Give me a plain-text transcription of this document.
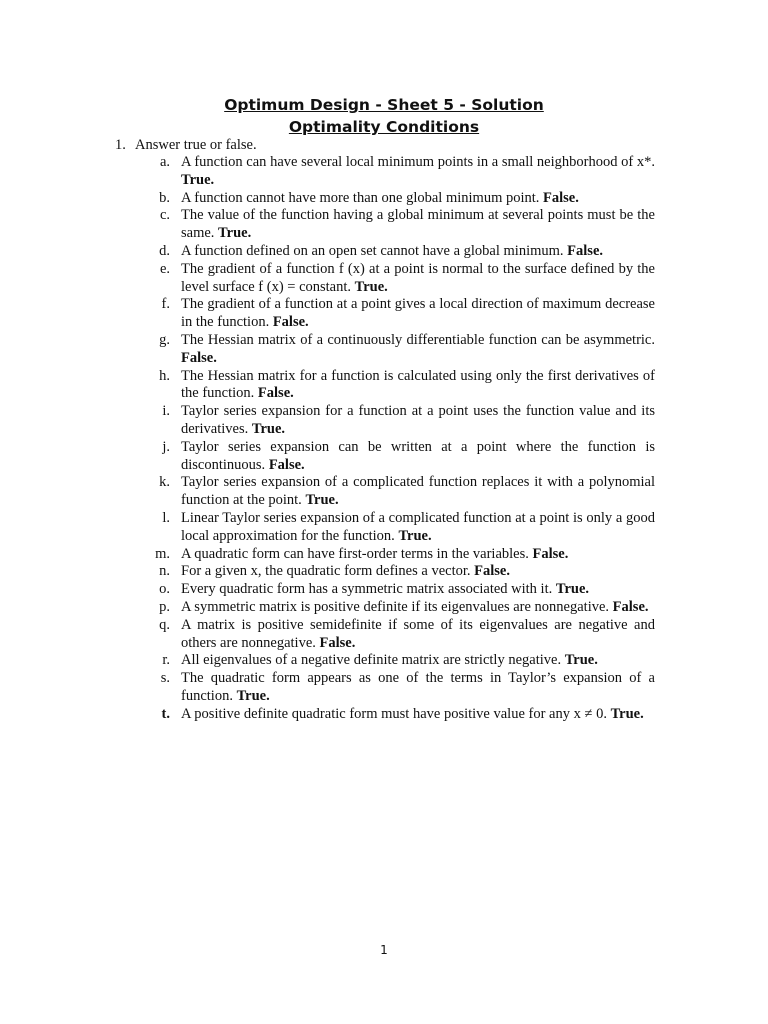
Optimum Design - Sheet 5 - Solution
Optimality Conditions
1. Answer true or false.
a. A function can have several local minimum points in a small neighborhood of x*. True.
b. A function cannot have more than one global minimum point. False.
c. The value of the function having a global minimum at several points must be the same. True.
d. A function defined on an open set cannot have a global minimum. False.
e. The gradient of a function f (x) at a point is normal to the surface defined by the level surface f (x) = constant. True.
f. The gradient of a function at a point gives a local direction of maximum decrease in the function. False.
g. The Hessian matrix of a continuously differentiable function can be asymmetric. False.
h. The Hessian matrix for a function is calculated using only the first derivatives of the function. False.
i. Taylor series expansion for a function at a point uses the function value and its derivatives. True.
j. Taylor series expansion can be written at a point where the function is discontinuous. False.
k. Taylor series expansion of a complicated function replaces it with a polynomial function at the point. True.
l. Linear Taylor series expansion of a complicated function at a point is only a good local approximation for the function. True.
m. A quadratic form can have first-order terms in the variables. False.
n. For a given x, the quadratic form defines a vector. False.
o. Every quadratic form has a symmetric matrix associated with it. True.
p. A symmetric matrix is positive definite if its eigenvalues are nonnegative. False.
q. A matrix is positive semidefinite if some of its eigenvalues are negative and others are nonnegative. False.
r. All eigenvalues of a negative definite matrix are strictly negative. True.
s. The quadratic form appears as one of the terms in Taylor’s expansion of a function. True.
t. A positive definite quadratic form must have positive value for any x ≠ 0. True.
1
